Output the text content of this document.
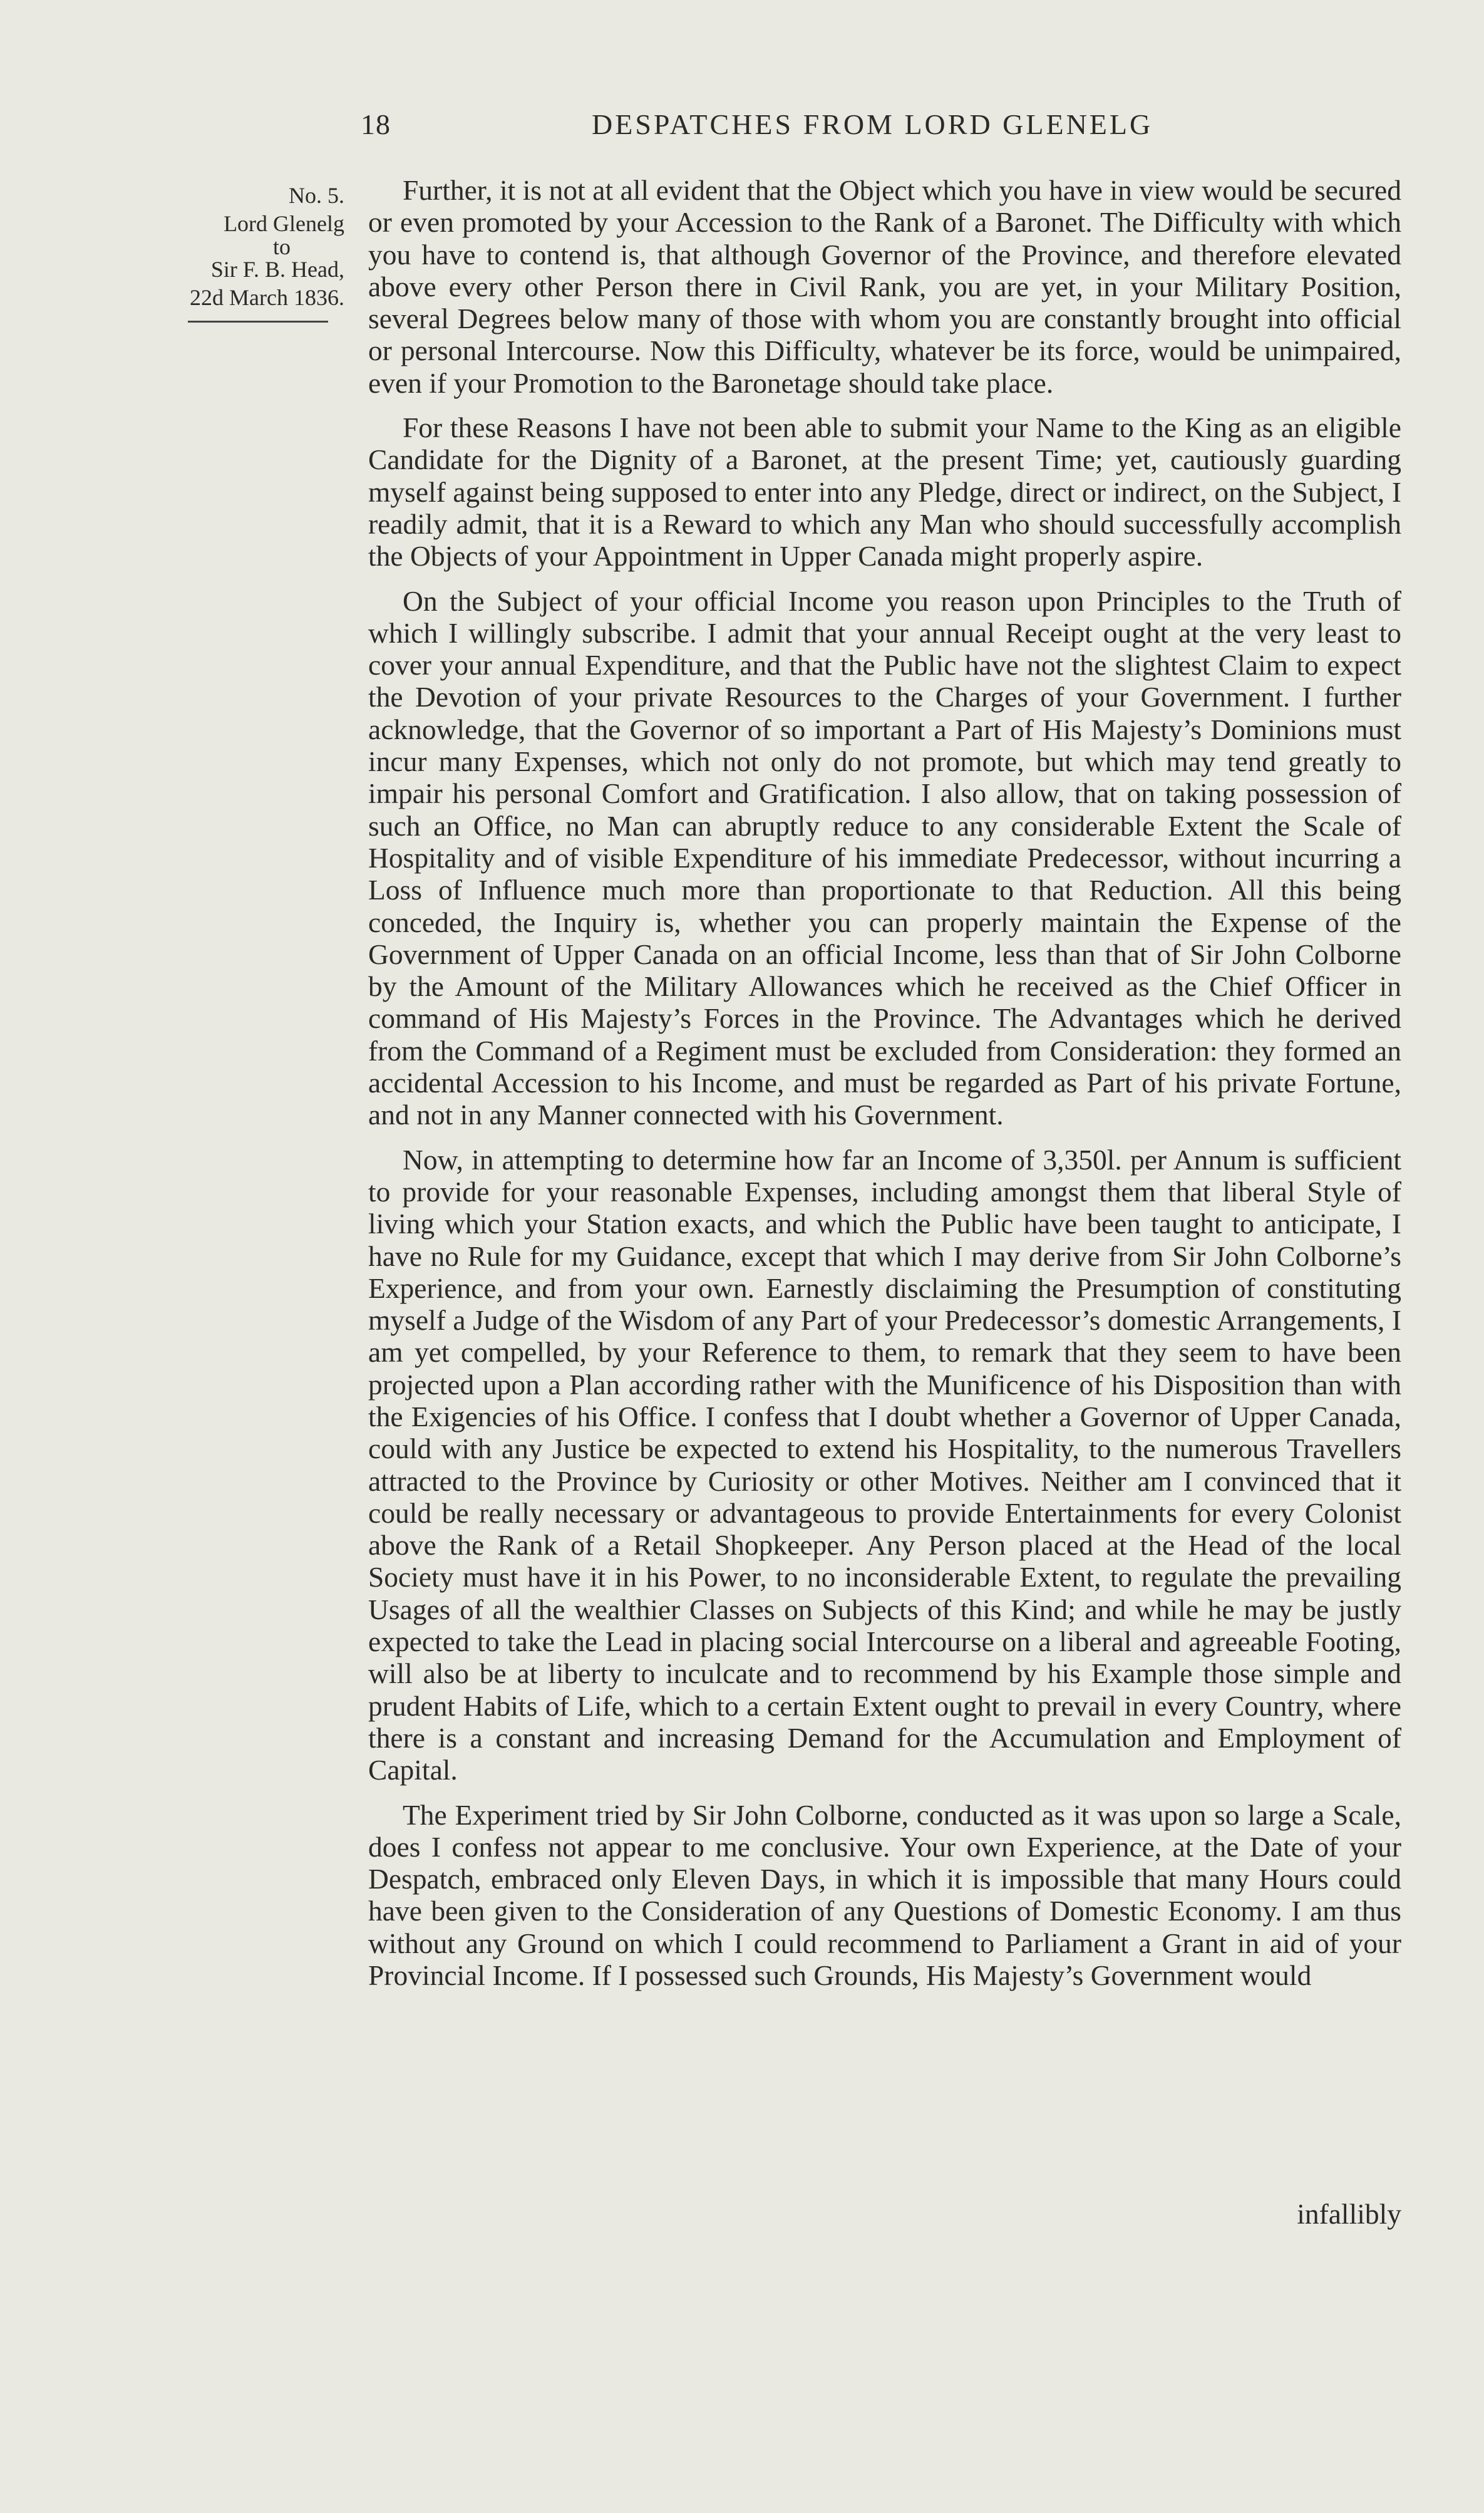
18	DESPATCHES FROM LORD GLENELG
No. 5.
Lord Glenelg
to
Sir F. B. Head,
22d March 1836.

Further, it is not at all evident that the Object which you have in view would be secured or even promoted by your Accession to the Rank of a Baronet. The Difficulty with which you have to contend is, that although Governor of the Province, and therefore elevated above every other Person there in Civil Rank, you are yet, in your Military Position, several Degrees below many of those with whom you are constantly brought into official or personal Intercourse. Now this Difficulty, whatever be its force, would be unimpaired, even if your Promotion to the Baronetage should take place.

For these Reasons I have not been able to submit your Name to the King as an eligible Candidate for the Dignity of a Baronet, at the present Time; yet, cautiously guarding myself against being supposed to enter into any Pledge, direct or indirect, on the Subject, I readily admit, that it is a Reward to which any Man who should successfully accomplish the Objects of your Appointment in Upper Canada might properly aspire.

On the Subject of your official Income you reason upon Principles to the Truth of which I willingly subscribe. I admit that your annual Receipt ought at the very least to cover your annual Expenditure, and that the Public have not the slightest Claim to expect the Devotion of your private Resources to the Charges of your Government. I further acknowledge, that the Governor of so important a Part of His Majesty’s Dominions must incur many Expenses, which not only do not promote, but which may tend greatly to impair his personal Comfort and Gratification. I also allow, that on taking possession of such an Office, no Man can abruptly reduce to any considerable Extent the Scale of Hospitality and of visible Expenditure of his immediate Predecessor, without incurring a Loss of Influence much more than proportionate to that Reduction. All this being conceded, the Inquiry is, whether you can properly maintain the Expense of the Government of Upper Canada on an official Income, less than that of Sir John Colborne by the Amount of the Military Allowances which he received as the Chief Officer in command of His Majesty’s Forces in the Province. The Advantages which he derived from the Command of a Regiment must be excluded from Consideration: they formed an accidental Accession to his Income, and must be regarded as Part of his private Fortune, and not in any Manner connected with his Government.

Now, in attempting to determine how far an Income of 3,350l. per Annum is sufficient to provide for your reasonable Expenses, including amongst them that liberal Style of living which your Station exacts, and which the Public have been taught to anticipate, I have no Rule for my Guidance, except that which I may derive from Sir John Colborne’s Experience, and from your own. Earnestly disclaiming the Presumption of constituting myself a Judge of the Wisdom of any Part of your Predecessor’s domestic Arrangements, I am yet compelled, by your Reference to them, to remark that they seem to have been projected upon a Plan according rather with the Munificence of his Disposition than with the Exigencies of his Office. I confess that I doubt whether a Governor of Upper Canada, could with any Justice be expected to extend his Hospitality, to the numerous Travellers attracted to the Province by Curiosity or other Motives. Neither am I convinced that it could be really necessary or advantageous to provide Entertainments for every Colonist above the Rank of a Retail Shopkeeper. Any Person placed at the Head of the local Society must have it in his Power, to no inconsiderable Extent, to regulate the prevailing Usages of all the wealthier Classes on Subjects of this Kind; and while he may be justly expected to take the Lead in placing social Intercourse on a liberal and agreeable Footing, will also be at liberty to inculcate and to recommend by his Example those simple and prudent Habits of Life, which to a certain Extent ought to prevail in every Country, where there is a constant and increasing Demand for the Accumulation and Employment of Capital.

The Experiment tried by Sir John Colborne, conducted as it was upon so large a Scale, does I confess not appear to me conclusive. Your own Experience, at the Date of your Despatch, embraced only Eleven Days, in which it is impossible that many Hours could have been given to the Consideration of any Questions of Domestic Economy. I am thus without any Ground on which I could recommend to Parliament a Grant in aid of your Provincial Income. If I possessed such Grounds, His Majesty’s Government would

infallibly
